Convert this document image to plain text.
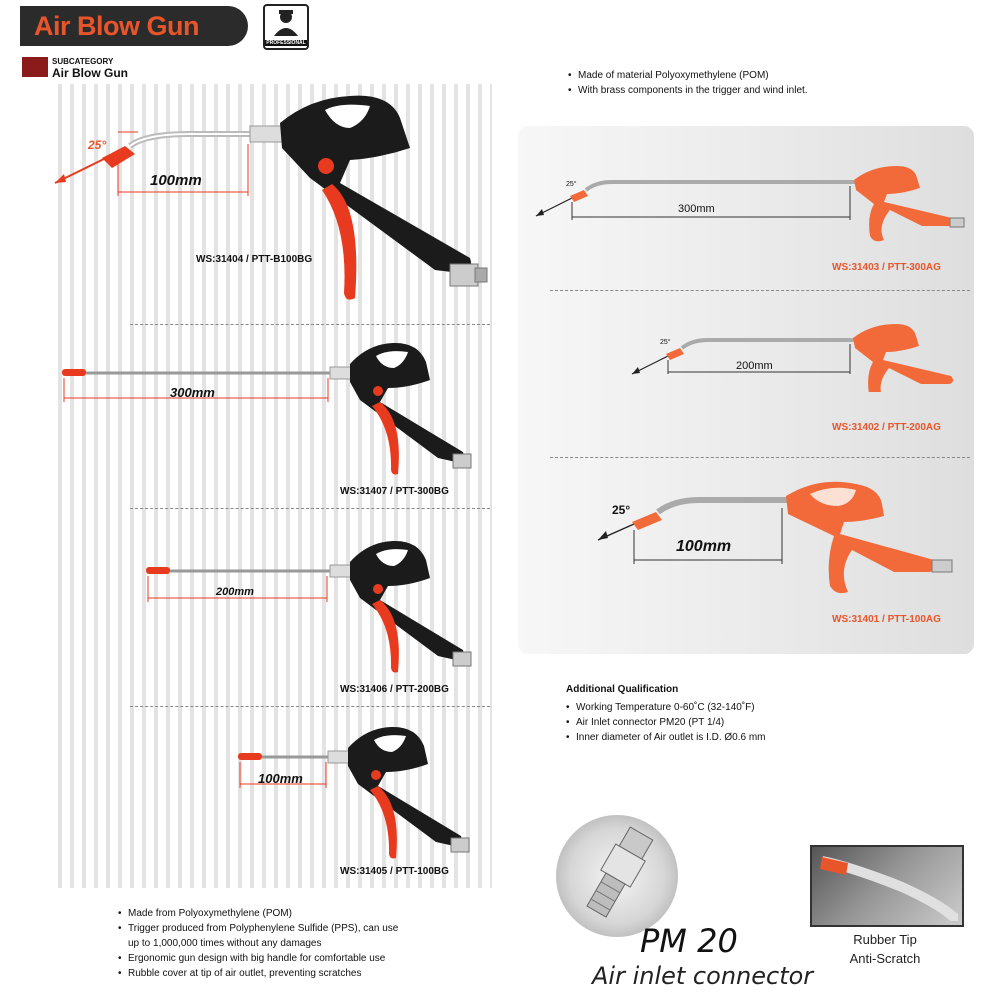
Air Blow Gun
PROFESSIONAL
SUBCATEGORY
Air Blow Gun
25°
100mm
WS:31404 / PTT-B100BG
300mm
WS:31407 / PTT-300BG
200mm
WS:31406 / PTT-200BG
100mm
WS:31405 / PTT-100BG
• Made from Polyoxymethylene (POM)
• Trigger produced from Polyphenylene Sulfide (PPS), can use
up to 1,000,000 times without any damages
• Ergonomic gun design with big handle for comfortable use
• Rubble cover at tip of air outlet, preventing scratches
• Made of material Polyoxymethylene (POM)
• With brass components in the trigger and wind inlet.
25°
300mm
WS:31403 / PTT-300AG
25°
200mm
WS:31402 / PTT-200AG
25°
100mm
WS:31401 / PTT-100AG
Additional Qualification
• Working Temperature 0-60˚C (32-140˚F)
• Air Inlet connector PM20 (PT 1/4)
• Inner diameter of Air outlet is I.D. Ø0.6 mm
PM 20
Air inlet connector
Rubber Tip
Anti-Scratch
